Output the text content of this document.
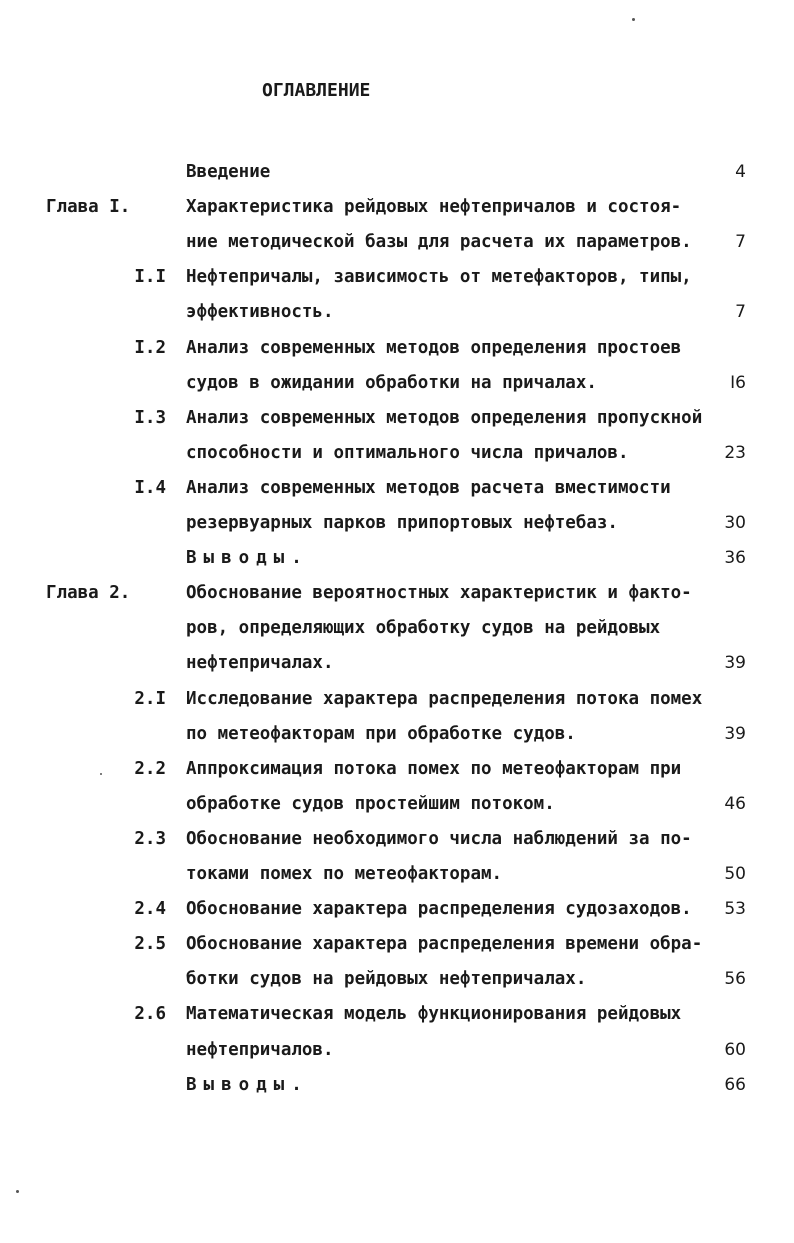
ОГЛАВЛЕНИЕ
Введение	4
Глава I.	Характеристика рейдовых нефтепричалов и состоя-
ние методической базы для расчета их параметров.	7
I.I Нефтепричалы, зависимость от метефакторов, типы,
эффективность.	7
I.2 Анализ современных методов определения простоев
судов в ожидании обработки на причалах.	I6
I.3 Анализ современных методов определения пропускной
способности и оптимального числа причалов.	23
I.4 Анализ современных методов расчета вместимости
резервуарных парков припортовых нефтебаз.	30
Выводы.	36
Глава 2.	Обоснование вероятностных характеристик и факто-
ров, определяющих обработку судов на рейдовых
нефтепричалах.	39
2.I Исследование характера распределения потока помех
по метеофакторам при обработке судов.	39
2.2 Аппроксимация потока помех по метеофакторам при
обработке судов простейшим потоком.	46
2.3 Обоснование необходимого числа наблюдений за по-
токами помех по метеофакторам.	50
2.4 Обоснование характера распределения судозаходов. 53
2.5 Обоснование характера распределения времени обра-
ботки судов на рейдовых нефтепричалах.	56
2.6 Математическая модель функционирования рейдовых
нефтепричалов.	60
Выводы.	66
